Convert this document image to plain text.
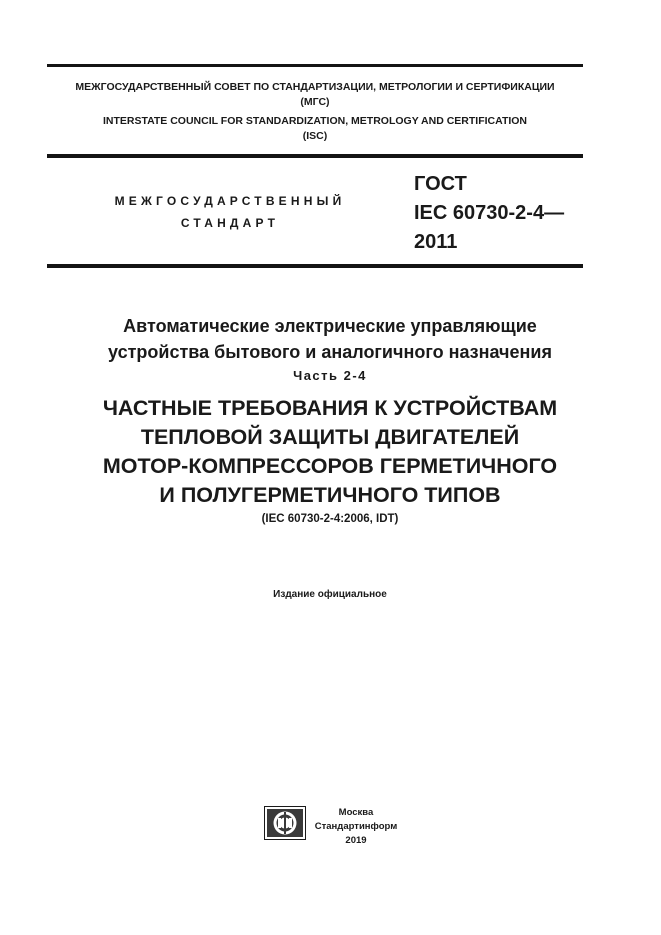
МЕЖГОСУДАРСТВЕННЫЙ СОВЕТ ПО СТАНДАРТИЗАЦИИ, МЕТРОЛОГИИ И СЕРТИФИКАЦИИ
(МГС)
INTERSTATE COUNCIL FOR STANDARDIZATION, METROLOGY AND CERTIFICATION
(ISC)
МЕЖГОСУДАРСТВЕННЫЙ
СТАНДАРТ
ГОСТ
IEC 60730-2-4—
2011
Автоматические электрические управляющие
устройства бытового и аналогичного назначения
Часть 2-4
ЧАСТНЫЕ ТРЕБОВАНИЯ К УСТРОЙСТВАМ
ТЕПЛОВОЙ ЗАЩИТЫ ДВИГАТЕЛЕЙ
МОТОР-КОМПРЕССОРОВ ГЕРМЕТИЧНОГО
И ПОЛУГЕРМЕТИЧНОГО ТИПОВ
(IEC 60730-2-4:2006, IDT)
Издание официальное
Москва
Стандартинформ
2019
